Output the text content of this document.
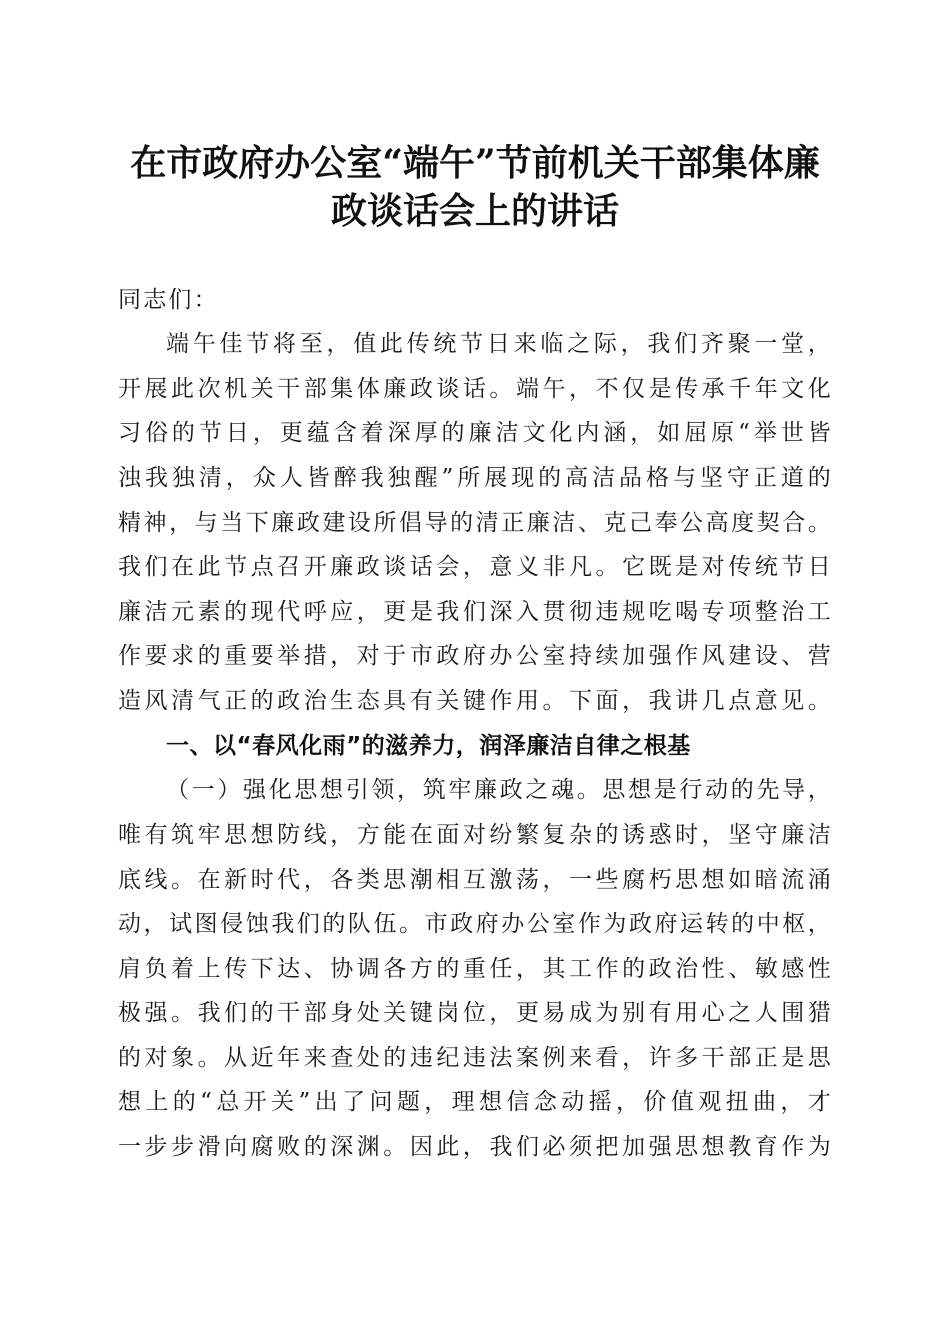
在市政府办公室“端午”节前机关干部集体廉
政谈话会上的讲话
同志们：
端午佳节将至，值此传统节日来临之际，我们齐聚一堂，
开展此次机关干部集体廉政谈话。端午，不仅是传承千年文化
习俗的节日，更蕴含着深厚的廉洁文化内涵，如屈原“举世皆
浊我独清，众人皆醉我独醒”所展现的高洁品格与坚守正道的
精神，与当下廉政建设所倡导的清正廉洁、克己奉公高度契合。
我们在此节点召开廉政谈话会，意义非凡。它既是对传统节日
廉洁元素的现代呼应，更是我们深入贯彻违规吃喝专项整治工
作要求的重要举措，对于市政府办公室持续加强作风建设、营
造风清气正的政治生态具有关键作用。下面，我讲几点意见。
一、以“春风化雨”的滋养力，润泽廉洁自律之根基
（一）强化思想引领，筑牢廉政之魂。思想是行动的先导，
唯有筑牢思想防线，方能在面对纷繁复杂的诱惑时，坚守廉洁
底线。在新时代，各类思潮相互激荡，一些腐朽思想如暗流涌
动，试图侵蚀我们的队伍。市政府办公室作为政府运转的中枢，
肩负着上传下达、协调各方的重任，其工作的政治性、敏感性
极强。我们的干部身处关键岗位，更易成为别有用心之人围猎
的对象。从近年来查处的违纪违法案例来看，许多干部正是思
想上的“总开关”出了问题，理想信念动摇，价值观扭曲，才
一步步滑向腐败的深渊。因此，我们必须把加强思想教育作为
